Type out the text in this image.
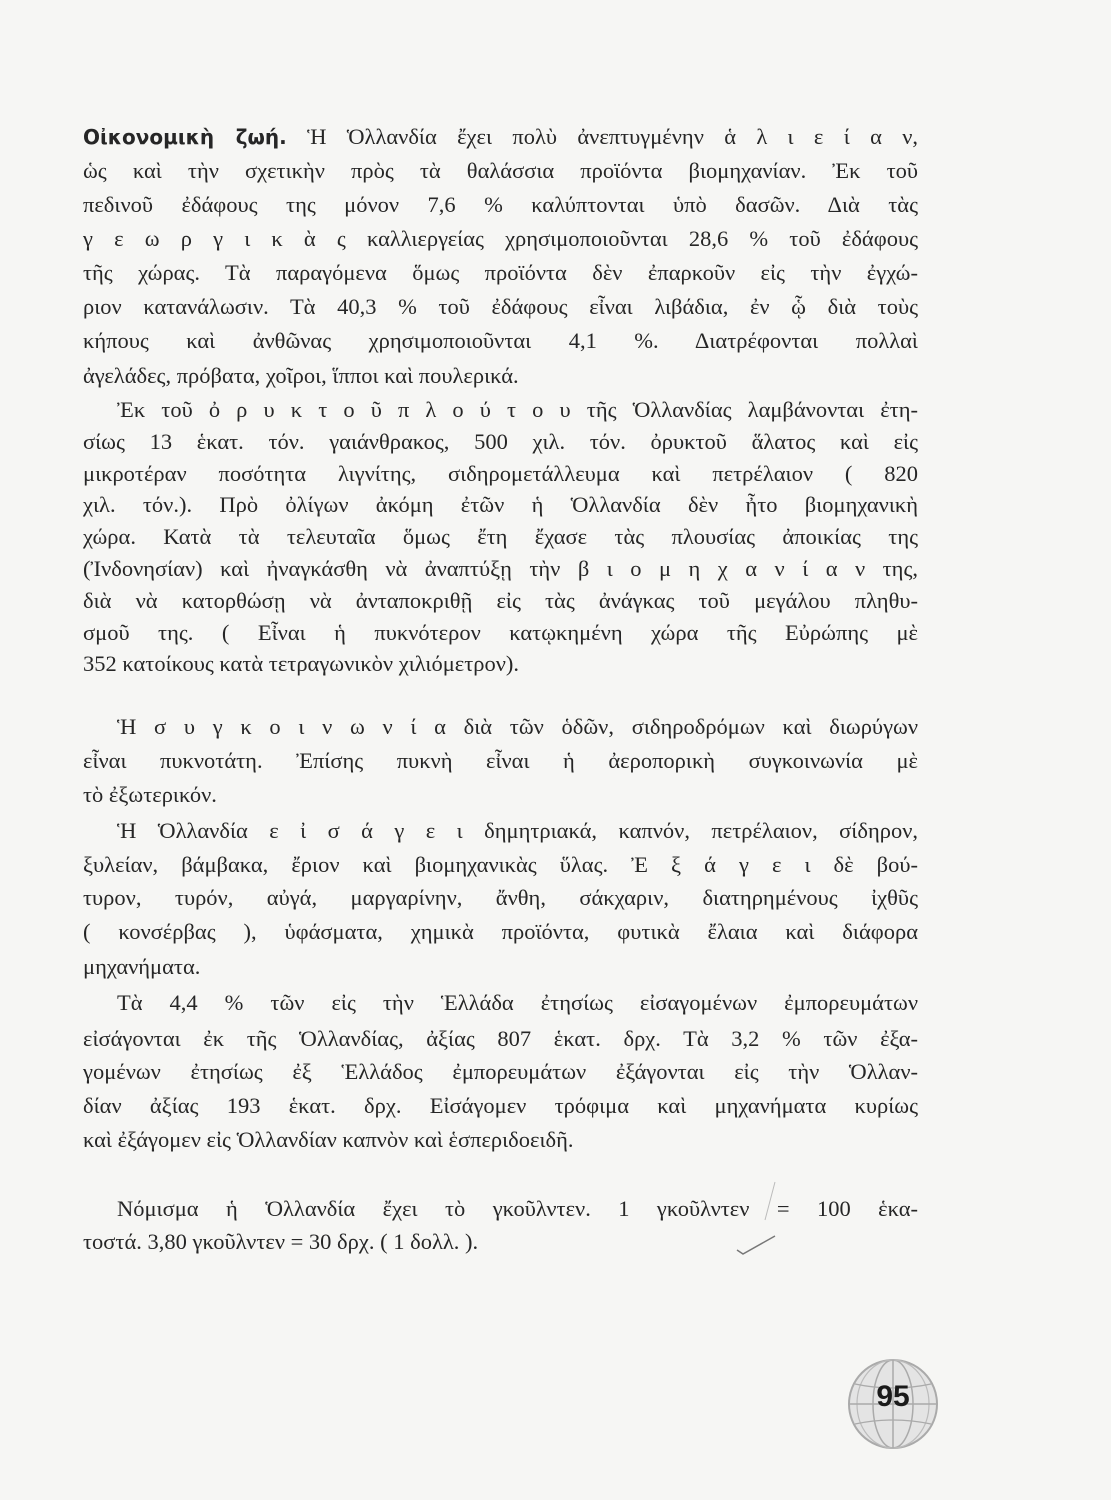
Οἰκονομικὴ ζωή. Ἡ Ὁλλανδία ἔχει πολὺ ἀνεπτυγμένην ἁ λ ι ε ί α ν,
ὡς καὶ τὴν σχετικὴν πρὸς τὰ θαλάσσια προϊόντα βιομηχανίαν. Ἐκ τοῦ
πεδινοῦ ἐδάφους της μόνον 7,6 % καλύπτονται ὑπὸ δασῶν. Διὰ τὰς
γ ε ω ρ γ ι κ ὰ ς καλλιεργείας χρησιμοποιοῦνται 28,6 % τοῦ ἐδάφους
τῆς χώρας. Τὰ παραγόμενα ὅμως προϊόντα δὲν ἐπαρκοῦν εἰς τὴν ἐγχώ-
ριον κατανάλωσιν. Τὰ 40,3 % τοῦ ἐδάφους εἶναι λιβάδια, ἐν ᾧ διὰ τοὺς
κήπους καὶ ἀνθῶνας χρησιμοποιοῦνται 4,1 %. Διατρέφονται πολλαὶ
ἀγελάδες, πρόβατα, χοῖροι, ἵπποι καὶ πουλερικά.
Ἐκ τοῦ ὀ ρ υ κ τ ο ῦ π λ ο ύ τ ο υ τῆς Ὁλλανδίας λαμβάνονται ἐτη-
σίως 13 ἑκατ. τόν. γαιάνθρακος, 500 χιλ. τόν. ὀρυκτοῦ ἅλατος καὶ εἰς
μικροτέραν ποσότητα λιγνίτης, σιδηρομετάλλευμα καὶ πετρέλαιον ( 820
χιλ. τόν.). Πρὸ ὀλίγων ἀκόμη ἐτῶν ἡ Ὁλλανδία δὲν ἦτο βιομηχανικὴ
χώρα. Κατὰ τὰ τελευταῖα ὅμως ἔτη ἔχασε τὰς πλουσίας ἀποικίας της
(Ἰνδονησίαν) καὶ ἠναγκάσθη νὰ ἀναπτύξῃ τὴν β ι ο μ η χ α ν ί α ν της,
διὰ νὰ κατορθώσῃ νὰ ἀνταποκριθῇ εἰς τὰς ἀνάγκας τοῦ μεγάλου πληθυ-
σμοῦ της. ( Εἶναι ἡ πυκνότερον κατῳκημένη χώρα τῆς Εὐρώπης μὲ
352 κατοίκους κατὰ τετραγωνικὸν χιλιόμετρον).
Ἡ σ υ γ κ ο ι ν ω ν ί α διὰ τῶν ὁδῶν, σιδηροδρόμων καὶ διωρύγων
εἶναι πυκνοτάτη. Ἐπίσης πυκνὴ εἶναι ἡ ἀεροπορικὴ συγκοινωνία μὲ
τὸ ἐξωτερικόν.
Ἡ Ὁλλανδία ε ἰ σ ά γ ε ι δημητριακά, καπνόν, πετρέλαιον, σίδηρον,
ξυλείαν, βάμβακα, ἔριον καὶ βιομηχανικὰς ὕλας. Ἐ ξ ά γ ε ι δὲ βού-
τυρον, τυρόν, αὐγά, μαργαρίνην, ἄνθη, σάκχαριν, διατηρημένους ἰχθῦς
( κονσέρβας ), ὑφάσματα, χημικὰ προϊόντα, φυτικὰ ἔλαια καὶ διάφορα
μηχανήματα.
Τὰ 4,4 % τῶν εἰς τὴν Ἑλλάδα ἐτησίως εἰσαγομένων ἐμπορευμάτων
εἰσάγονται ἐκ τῆς Ὁλλανδίας, ἀξίας 807 ἑκατ. δρχ. Τὰ 3,2 % τῶν ἐξα-
γομένων ἐτησίως ἐξ Ἑλλάδος ἐμπορευμάτων ἐξάγονται εἰς τὴν Ὁλλαν-
δίαν ἀξίας 193 ἑκατ. δρχ. Εἰσάγομεν τρόφιμα καὶ μηχανήματα κυρίως
καὶ ἐξάγομεν εἰς Ὁλλανδίαν καπνὸν καὶ ἑσπεριδοειδῆ.
Νόμισμα ἡ Ὁλλανδία ἔχει τὸ γκοῦλντεν. 1 γκοῦλντεν = 100 ἑκα-
τοστά. 3,80 γκοῦλντεν = 30 δρχ. ( 1 δολλ. ).
95
